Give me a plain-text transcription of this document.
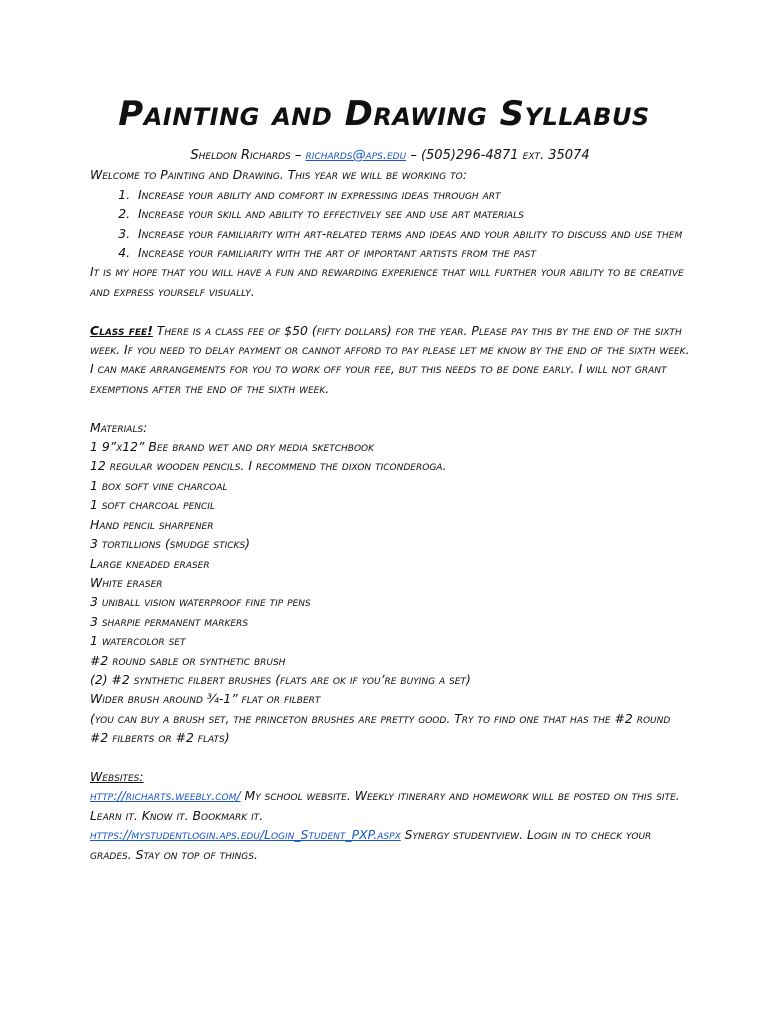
Painting and Drawing Syllabus

Sheldon Richards – richards@aps.edu – (505)296-4871 ext. 35074

Welcome to Painting and Drawing. This year we will be working to:

1. Increase your ability and comfort in expressing ideas through art
2. Increase your skill and ability to effectively see and use art materials
3. Increase your familiarity with art-related terms and ideas and your ability to discuss and use them
4. Increase your familiarity with the art of important artists from the past

It is my hope that you will have a fun and rewarding experience that will further your ability to be creative and express yourself visually.

Class fee! There is a class fee of $50 (fifty dollars) for the year. Please pay this by the end of the sixth week. If you need to delay payment or cannot afford to pay please let me know by the end of the sixth week. I can make arrangements for you to work off your fee, but this needs to be done early. I will not grant exemptions after the end of the sixth week.

Materials:

1 9”x12” Bee brand wet and dry media sketchbook
12 regular wooden pencils. I recommend the dixon ticonderoga.
1 box soft vine charcoal
1 soft charcoal pencil
Hand pencil sharpener
3 tortillions (smudge sticks)
Large kneaded eraser
White eraser
3 uniball vision waterproof fine tip pens
3 sharpie permanent markers
1 watercolor set
#2 round sable or synthetic brush
(2) #2 synthetic filbert brushes (flats are ok if you’re buying a set)
Wider brush around ¾-1” flat or filbert
(you can buy a brush set, the princeton brushes are pretty good. Try to find one that has the #2 round #2 filberts or #2 flats)

Websites:

http://richarts.weebly.com/ My school website. Weekly itinerary and homework will be posted on this site. Learn it. Know it. Bookmark it.

https://mystudentlogin.aps.edu/Login_Student_PXP.aspx Synergy studentview. Login in to check your grades. Stay on top of things.
